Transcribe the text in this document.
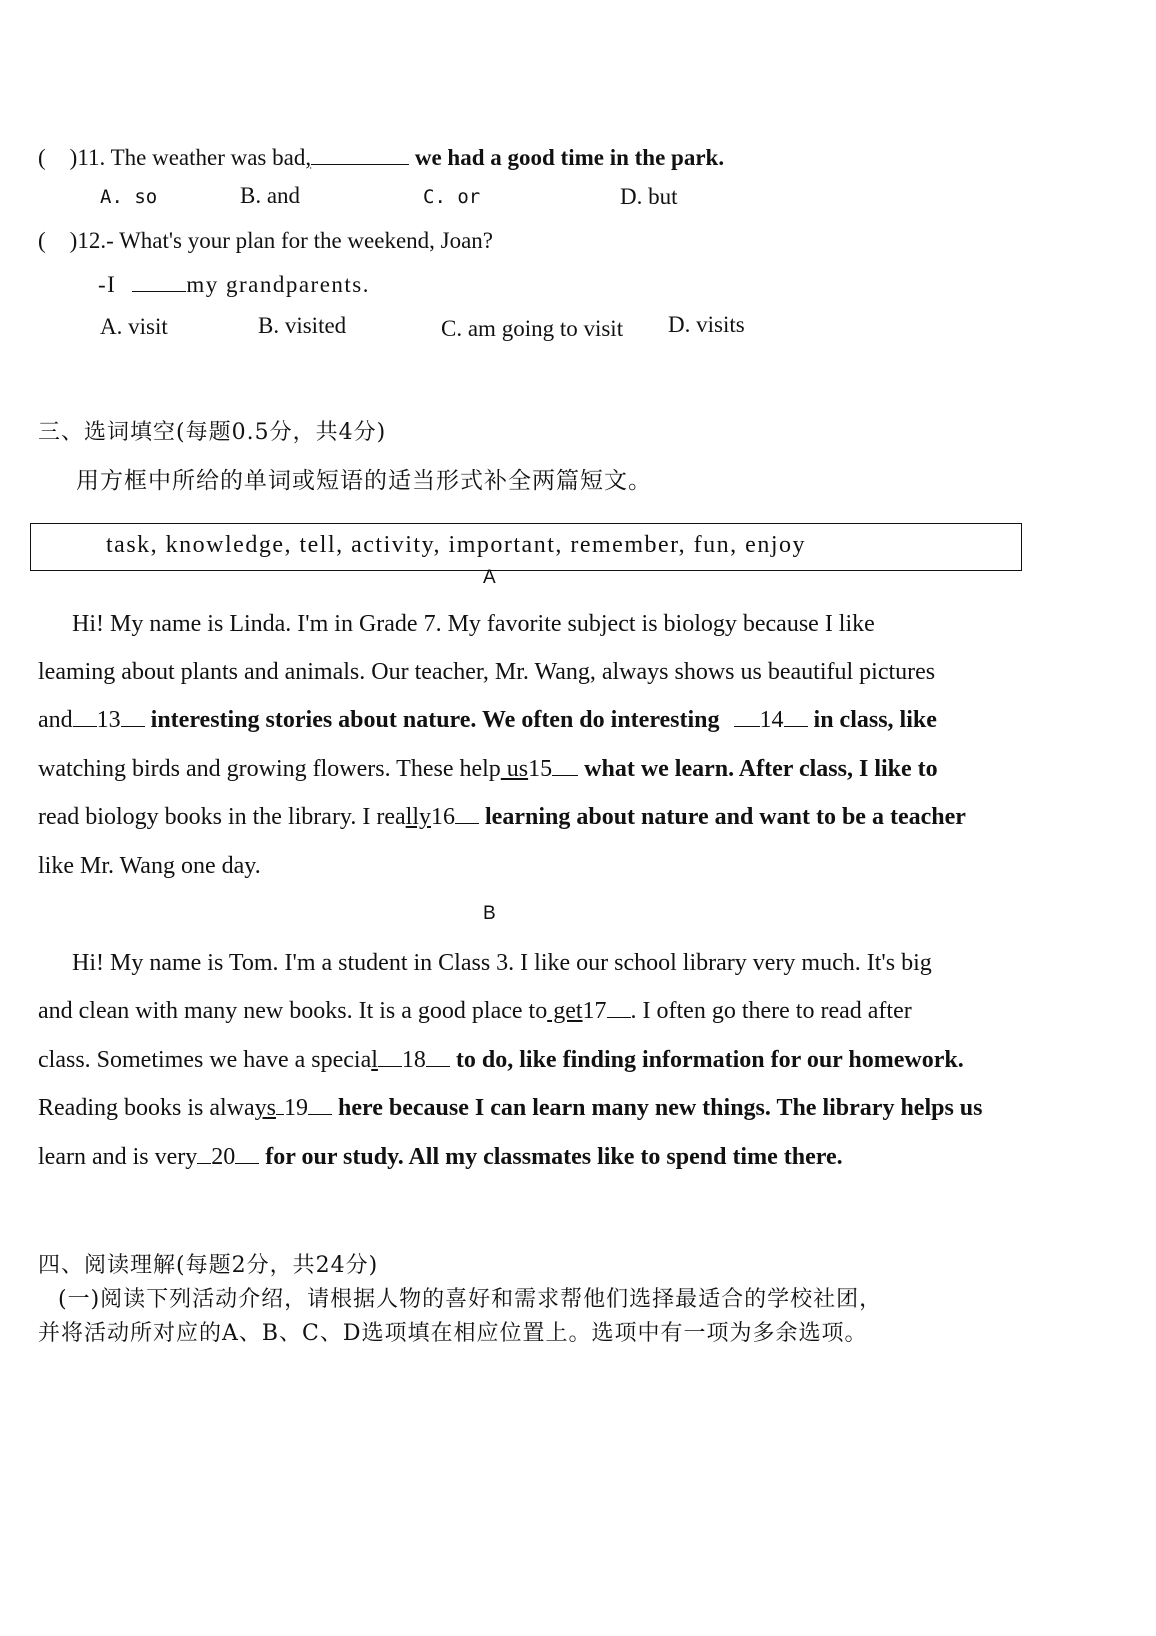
( )11. The weather was bad,	we had a good time in the park.
A. so	B. and	C. or	D. but
( )12.- What's your plan for the weekend, Joan?
-I	my grandparents.
A. visit	B. visited	C. am going to visit D. visits
三、选词填空(每题0.5分，共4分)
用方框中所给的单词或短语的适当形式补全两篇短文。
task, knowledge, tell, activity, important, remember, fun, enjoy
A
Hi! My name is Linda. I'm in Grade 7. My favorite subject is biology because I like
leaming about plants and animals. Our teacher, Mr. Wang, always shows us beautiful pictures
and 13 interesting stories about nature. We often do interesting 14 in class, like
watching birds and growing flowers. These help us15 what we learn. After class, I like to
read biology books in the library. I really16 learning about nature and want to be a teacher
like Mr. Wang one day.
B
Hi! My name is Tom. I'm a student in Class 3. I like our school library very much. It's big
and clean with many new books. It is a good place to get17 . I often go there to read after
class. Sometimes we have a special 18 to do, like finding information for our homework.
Reading books is always 19 here because I can learn many new things. The library helps us
learn and is very 20 for our study. All my classmates like to spend time there.
四、阅读理解(每题2分，共24分)
(一)阅读下列活动介绍，请根据人物的喜好和需求帮他们选择最适合的学校社团，
并将活动所对应的A、B、C、D选项填在相应位置上。选项中有一项为多余选项。
